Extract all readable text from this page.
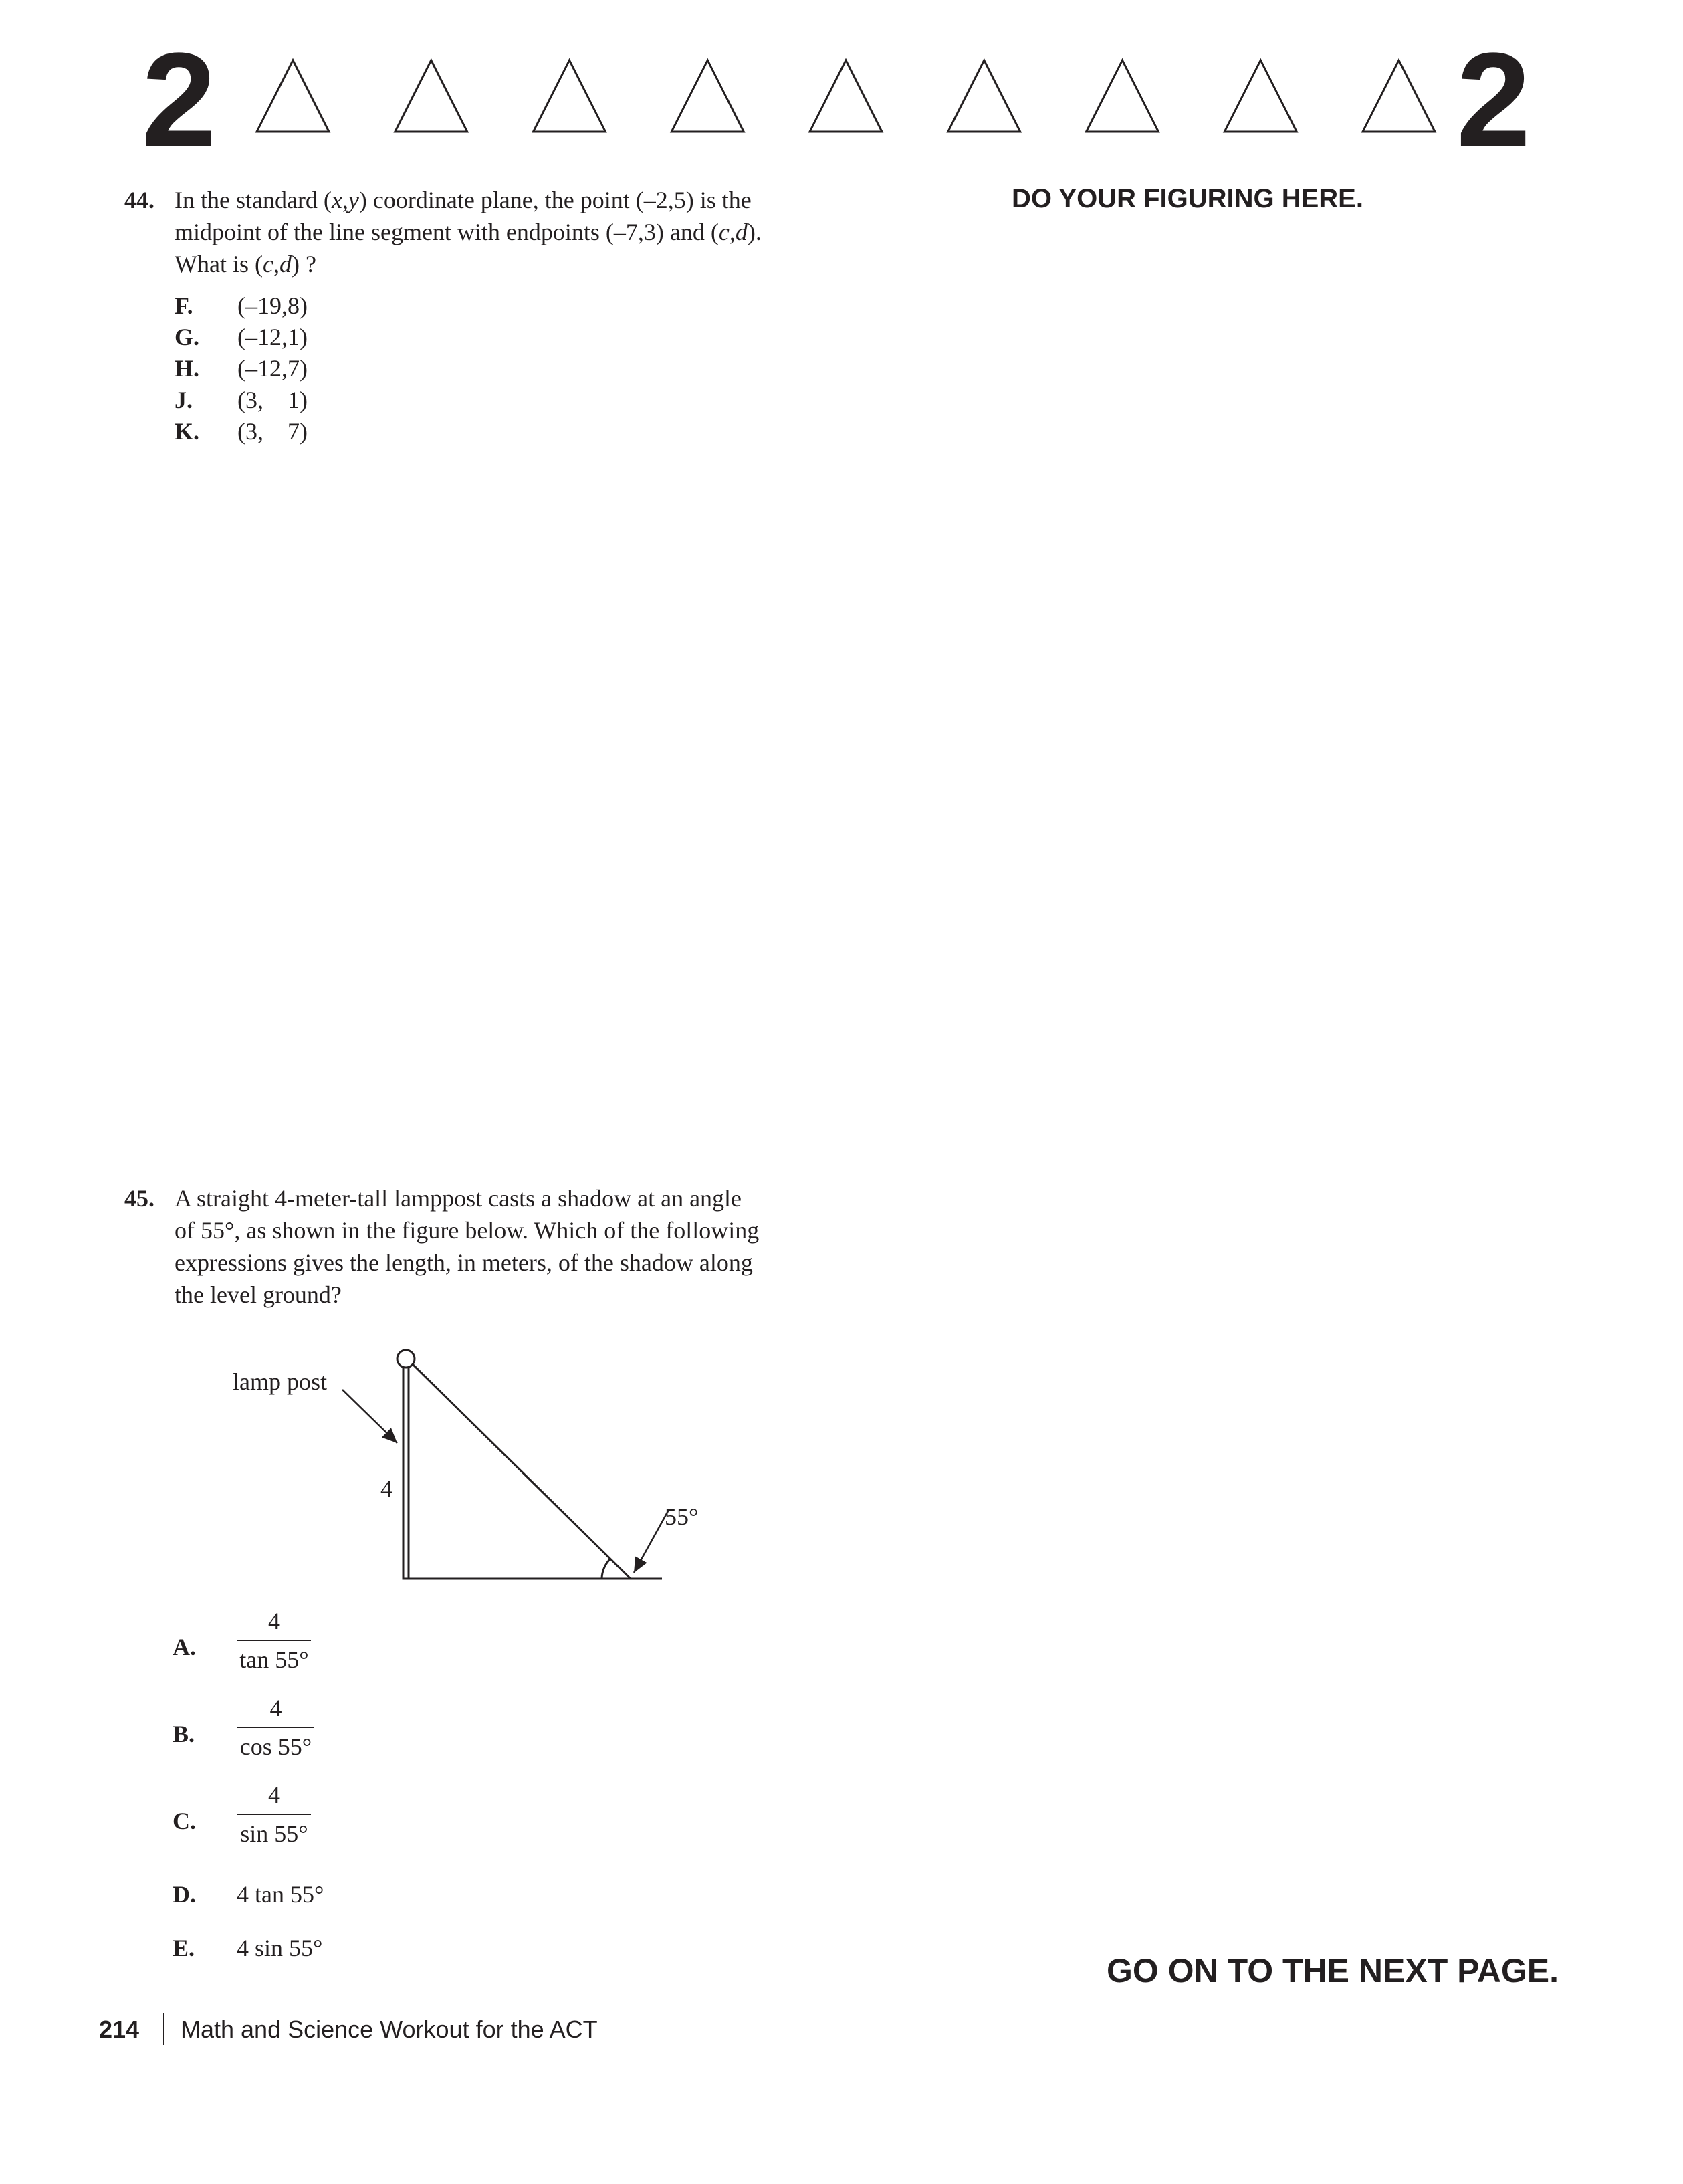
2	2
DO YOUR FIGURING HERE.
44. In the standard (x,y) coordinate plane, the point (–2,5) is the
midpoint of the line segment with endpoints (–7,3) and (c,d).
What is (c,d) ?
F. (–19,8)
G. (–12,1)
H. (–12,7)
J. (3,    1)
K. (3,    7)
45. A straight 4-meter-tall lamppost casts a shadow at an angle
of 55°, as shown in the figure below. Which of the following
expressions gives the length, in meters, of the shadow along
the level ground?
lamp post
4
55°
A.
4
tan 55°
B.
4
cos 55°
C.
4
sin 55°
D. 4 tan 55°
E. 4 sin 55°
GO ON TO THE NEXT PAGE.
214 Math and Science Workout for the ACT
